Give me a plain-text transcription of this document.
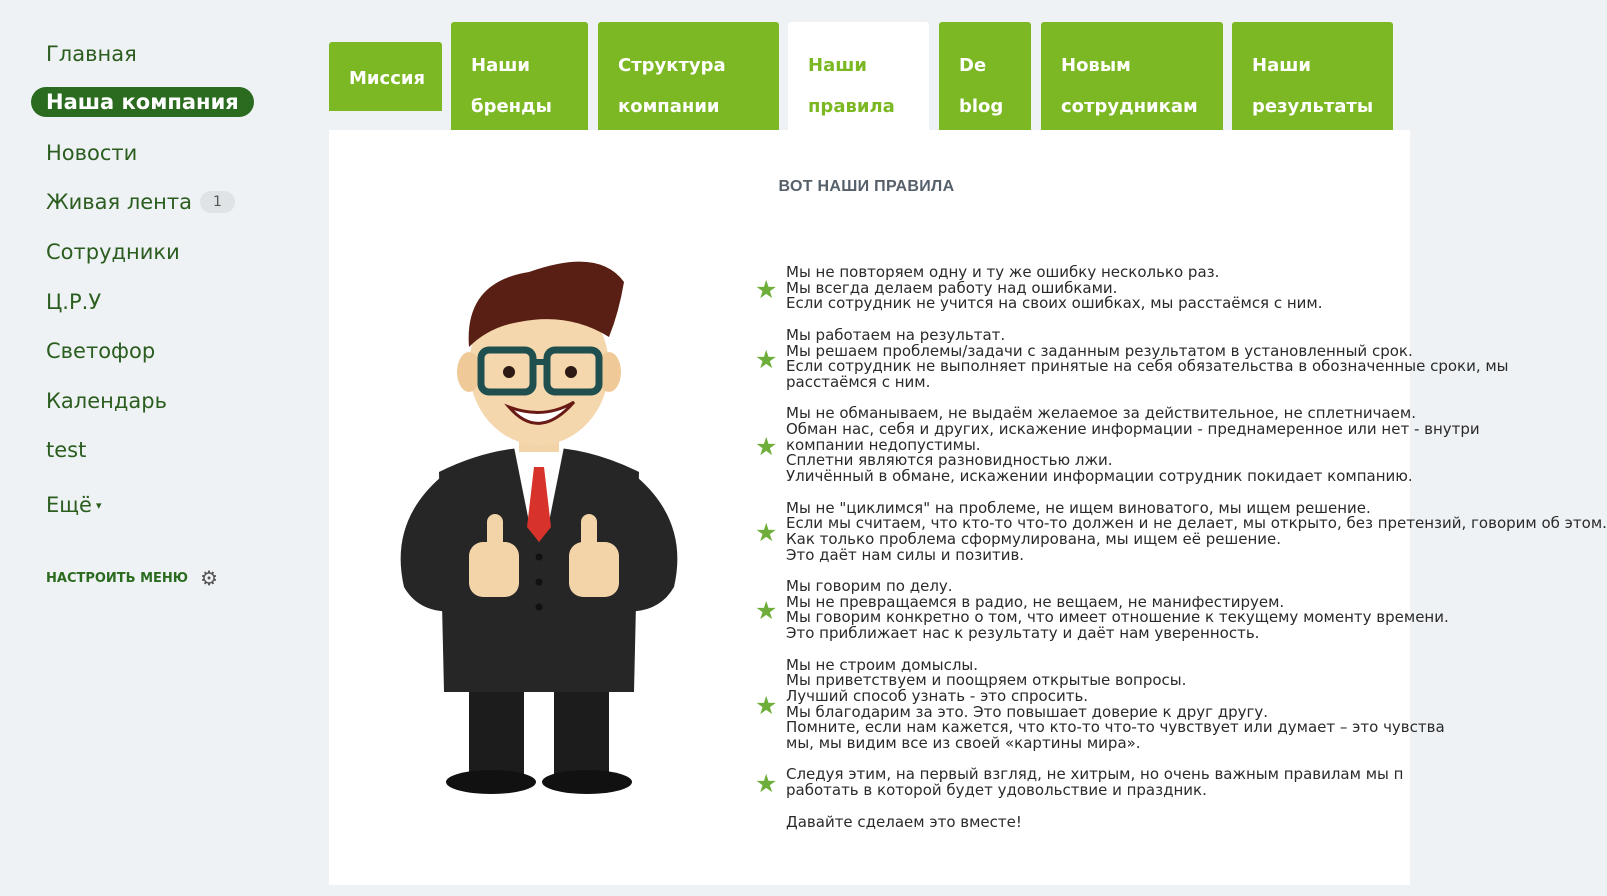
Главная
Наша компания
Новости
Живая лента 1
Сотрудники
Ц.Р.У
Светофор
Календарь
test
Ещё ▾
НАСТРОИТЬ МЕНЮ ⚙
Миссия
Наши
бренды
Структура
компании
Наши
правила
De
blog
Новым
сотрудникам
Наши
результаты
ВОТ НАШИ ПРАВИЛА
★
Мы не повторяем одну и ту же ошибку несколько раз.
Мы всегда делаем работу над ошибками.
Если сотрудник не учится на своих ошибках, мы расстаёмся с ним.
★
Мы работаем на результат.
Мы решаем проблемы/задачи с заданным результатом в установленный срок.
Если сотрудник не выполняет принятые на себя обязательства в обозначенные сроки, мы
расстаёмся с ним.
★
Мы не обманываем, не выдаём желаемое за действительное, не сплетничаем.
Обман нас, себя и других, искажение информации - преднамеренное или нет - внутри
компании недопустимы.
Сплетни являются разновидностью лжи.
Уличённый в обмане, искажении информации сотрудник покидает компанию.
★
Мы не "циклимся" на проблеме, не ищем виноватого, мы ищем решение.
Если мы считаем, что кто-то что-то должен и не делает, мы открыто, без претензий, говорим об этом.
Как только проблема сформулирована, мы ищем её решение.
Это даёт нам силы и позитив.
★
Мы говорим по делу.
Мы не превращаемся в радио, не вещаем, не манифестируем.
Мы говорим конкретно о том, что имеет отношение к текущему моменту времени.
Это приближает нас к результату и даёт нам уверенность.
★
Мы не строим домыслы.
Мы приветствуем и поощряем открытые вопросы.
Лучший способ узнать - это спросить.
Мы благодарим за это. Это повышает доверие к друг другу.
Помните, если нам кажется, что кто-то что-то чувствует или думает – это чувства
мы, мы видим все из своей «картины мира».
★ Следуя этим, на первый взгляд, не хитрым, но очень важным правилам мы п
работать в которой будет удовольствие и праздник.
Давайте сделаем это вместе!
